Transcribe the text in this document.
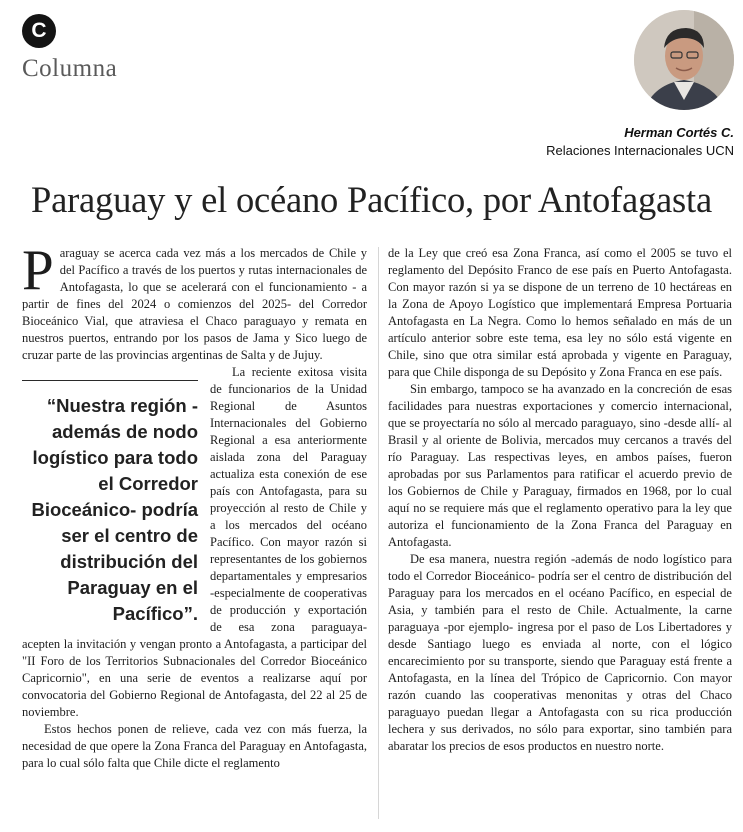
C
Columna
Herman Cortés C.
Relaciones Internacionales UCN
Paraguay y el océano Pacífico, por Antofagasta

Paraguay se acerca cada vez más a los mercados de Chile y del Pacífico a través de los puertos y rutas internacionales de Antofagasta, lo que se acelerará con el funcionamiento - a partir de fines del 2024 o comienzos del 2025- del Corredor Bioceánico Vial, que atraviesa el Chaco paraguayo y remata en nuestros puertos, entrando por los pasos de Jama y Sico luego de cruzar parte de las provincias argentinas de Salta y de Jujuy.

“Nuestra región -además de nodo logístico para todo el Corredor Bioceánico- podría ser el centro de distribución del Paraguay en el Pacífico”.

La reciente exitosa visita de funcionarios de la Unidad Regional de Asuntos Internacionales del Gobierno Regional a esa anteriormente aislada zona del Paraguay actualiza esta conexión de ese país con Antofagasta, para su proyección al resto de Chile y a los mercados del océano Pacífico. Con mayor razón si representantes de los gobiernos departamentales y empresarios -especialmente de cooperativas de producción y exportación de esa zona paraguaya- acepten la invitación y vengan pronto a Antofagasta, a participar del "II Foro de los Territorios Subnacionales del Corredor Bioceánico Capricornio", en una serie de eventos a realizarse aquí por convocatoria del Gobierno Regional de Antofagasta, del 22 al 25 de noviembre.

Estos hechos ponen de relieve, cada vez con más fuerza, la necesidad de que opere la Zona Franca del Paraguay en Antofagasta, para lo cual sólo falta que Chile dicte el reglamento

de la Ley que creó esa Zona Franca, así como el 2005 se tuvo el reglamento del Depósito Franco de ese país en Puerto Antofagasta. Con mayor razón si ya se dispone de un terreno de 10 hectáreas en la Zona de Apoyo Logístico que implementará Empresa Portuaria Antofagasta en La Negra. Como lo hemos señalado en más de un artículo anterior sobre este tema, esa ley no sólo está vigente en Chile, sino que otra similar está aprobada y vigente en Paraguay, para que Chile disponga de su Depósito y Zona Franca en ese país.

Sin embargo, tampoco se ha avanzado en la concreción de esas facilidades para nuestras exportaciones y comercio internacional, que se proyectaría no sólo al mercado paraguayo, sino -desde allí- al Brasil y al oriente de Bolivia, mercados muy cercanos a través del río Paraguay. Las respectivas leyes, en ambos países, fueron aprobadas por sus Parlamentos para ratificar el acuerdo previo de los Gobiernos de Chile y Paraguay, firmados en 1968, por lo cual aquí no se requiere más que el reglamento operativo para la ley que autoriza el funcionamiento de la Zona Franca del Paraguay en Antofagasta.

De esa manera, nuestra región -además de nodo logístico para todo el Corredor Bioceánico- podría ser el centro de distribución del Paraguay para los mercados en el océano Pacífico, en especial de Asia, y también para el resto de Chile. Actualmente, la carne paraguaya -por ejemplo- ingresa por el paso de Los Libertadores y desde Santiago luego es enviada al norte, con el lógico encarecimiento por su transporte, siendo que Paraguay está frente a Antofagasta, en la línea del Trópico de Capricornio. Con mayor razón cuando las cooperativas menonitas y otras del Chaco paraguayo puedan llegar a Antofagasta con su rica producción lechera y sus derivados, no sólo para exportar, sino también para abaratar los precios de esos productos en nuestro norte.
